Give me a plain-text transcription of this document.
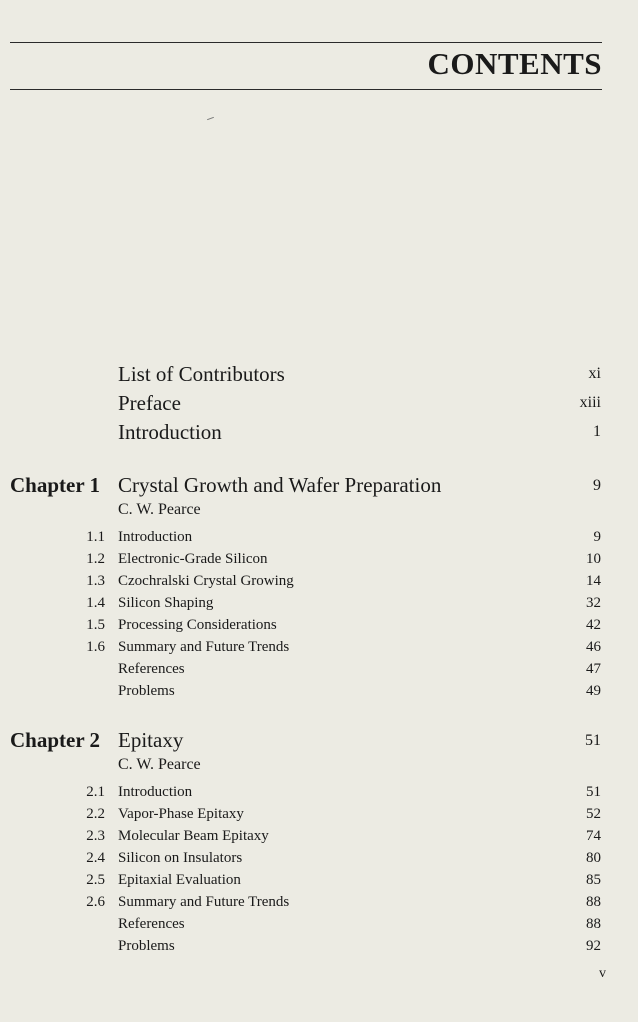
CONTENTS
List of Contributors	xi
Preface	xiii
Introduction	1
Chapter 1 Crystal Growth and Wafer Preparation	9
C. W. Pearce
1.1 Introduction	9
1.2 Electronic-Grade Silicon	10
1.3 Czochralski Crystal Growing	14
1.4 Silicon Shaping	32
1.5 Processing Considerations	42
1.6 Summary and Future Trends	46
References	47
Problems	49
Chapter 2 Epitaxy	51
C. W. Pearce
2.1 Introduction	51
2.2 Vapor-Phase Epitaxy	52
2.3 Molecular Beam Epitaxy	74
2.4 Silicon on Insulators	80
2.5 Epitaxial Evaluation	85
2.6 Summary and Future Trends	88
References	88
Problems	92
v
